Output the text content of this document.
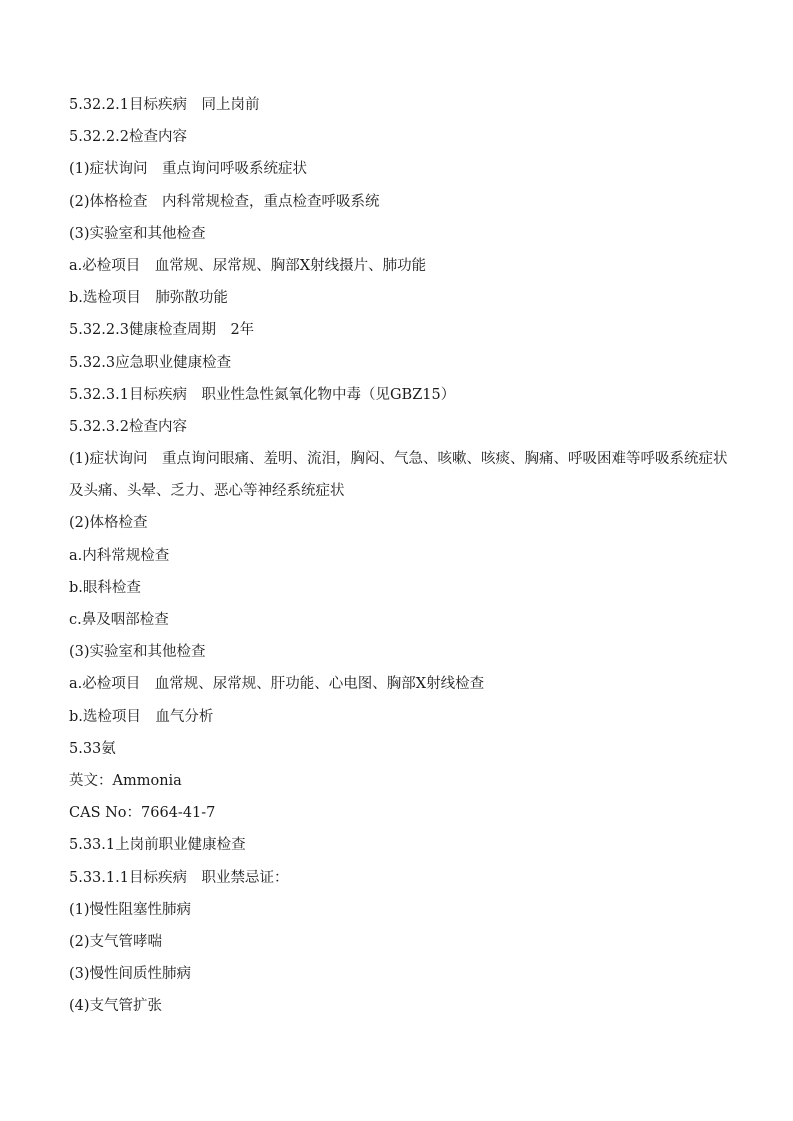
5.32.2.1目标疾病　同上岗前
5.32.2.2检查内容
(1)症状询问　重点询问呼吸系统症状
(2)体格检查　内科常规检查，重点检查呼吸系统
(3)实验室和其他检查
a.必检项目　血常规、尿常规、胸部X射线摄片、肺功能
b.选检项目　肺弥散功能
5.32.2.3健康检查周期　2年
5.32.3应急职业健康检查
5.32.3.1目标疾病　职业性急性氮氧化物中毒（见GBZ15）
5.32.3.2检查内容
(1)症状询问　重点询问眼痛、羞明、流泪，胸闷、气急、咳嗽、咳痰、胸痛、呼吸困难等呼吸系统症状及头痛、头晕、乏力、恶心等神经系统症状
(2)体格检查
a.内科常规检查
b.眼科检查
c.鼻及咽部检查
(3)实验室和其他检查
a.必检项目　血常规、尿常规、肝功能、心电图、胸部X射线检查
b.选检项目　血气分析
5.33氨
英文：Ammonia
CAS No：7664-41-7
5.33.1上岗前职业健康检查
5.33.1.1目标疾病　职业禁忌证：
(1)慢性阻塞性肺病
(2)支气管哮喘
(3)慢性间质性肺病
(4)支气管扩张
